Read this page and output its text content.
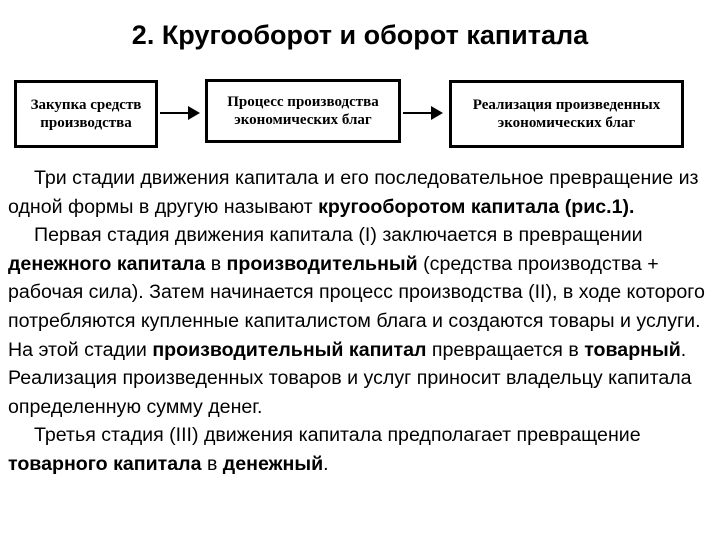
2. Кругооборот и оборот капитала
Закупка средств
производства
Процесс производства
экономических благ
Реализация произведенных
экономических благ

Три стадии движения капитала и его последовательное превращение из одной формы в другую называют кругооборотом капитала (рис.1).

Первая стадия движения капитала (I) заключается в превращении денежного капитала в производительный (средства производства + рабочая сила). Затем начинается процесс производства (II), в ходе которого потребляются купленные капиталистом блага и создаются товары и услуги. На этой стадии производительный капитал превращается в товарный. Реализация произведенных товаров и услуг приносит владельцу капитала определенную сумму денег.

Третья стадия (III) движения капитала предполагает превращение товарного капитала в денежный.
